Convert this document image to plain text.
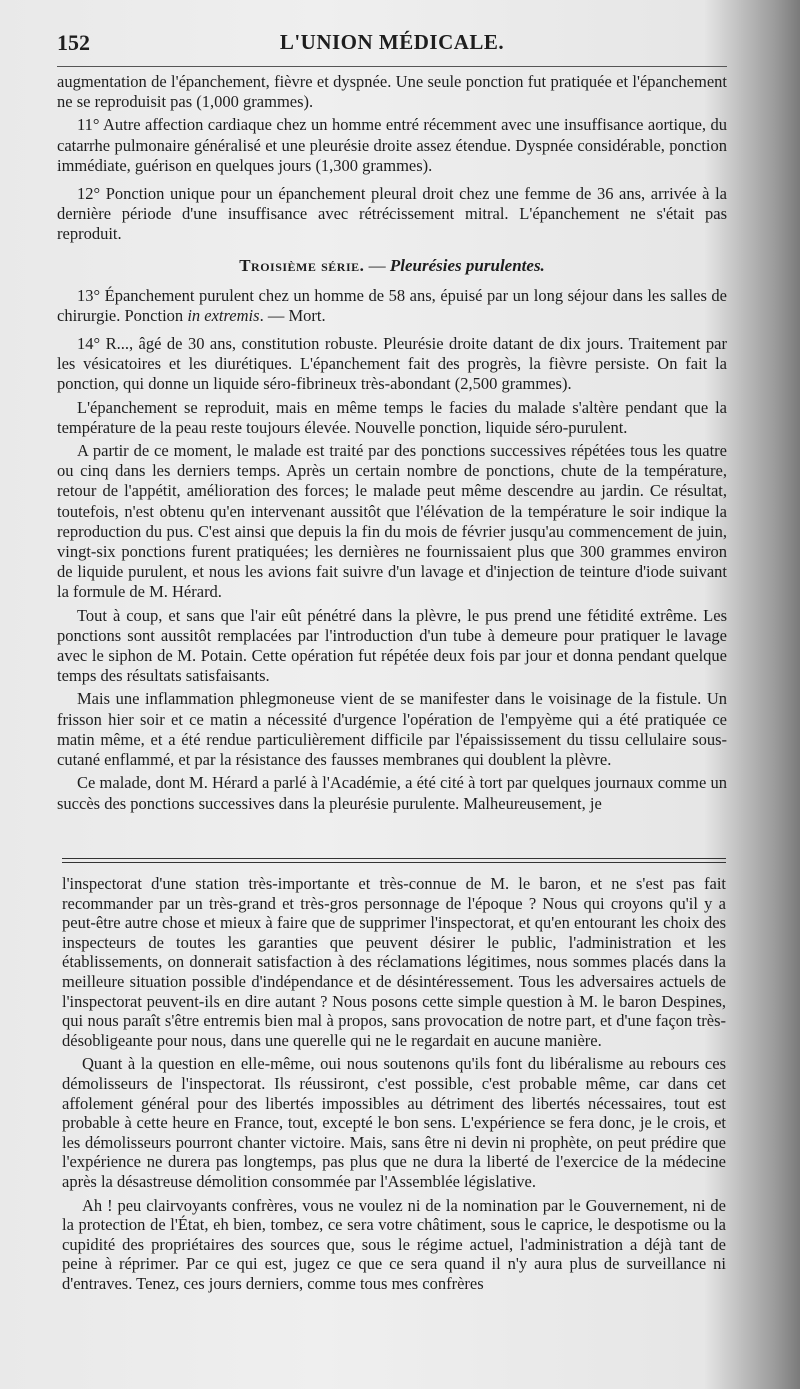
152	L'UNION MÉDICALE.

augmentation de l'épanchement, fièvre et dyspnée. Une seule ponction fut pratiquée et l'épanchement ne se reproduisit pas (1,000 grammes).

11° Autre affection cardiaque chez un homme entré récemment avec une insuffisance aortique, du catarrhe pulmonaire généralisé et une pleurésie droite assez étendue. Dyspnée considérable, ponction immédiate, guérison en quelques jours (1,300 grammes).

12° Ponction unique pour un épanchement pleural droit chez une femme de 36 ans, arrivée à la dernière période d'une insuffisance avec rétrécissement mitral. L'épanchement ne s'était pas reproduit.

Troisième série. — Pleurésies purulentes.

13° Épanchement purulent chez un homme de 58 ans, épuisé par un long séjour dans les salles de chirurgie. Ponction in extremis. — Mort.

14° R..., âgé de 30 ans, constitution robuste. Pleurésie droite datant de dix jours. Traitement par les vésicatoires et les diurétiques. L'épanchement fait des progrès, la fièvre persiste. On fait la ponction, qui donne un liquide séro-fibrineux très-abondant (2,500 grammes).

L'épanchement se reproduit, mais en même temps le facies du malade s'altère pendant que la température de la peau reste toujours élevée. Nouvelle ponction, liquide séro-purulent.

A partir de ce moment, le malade est traité par des ponctions successives répétées tous les quatre ou cinq dans les derniers temps. Après un certain nombre de ponctions, chute de la température, retour de l'appétit, amélioration des forces; le malade peut même descendre au jardin. Ce résultat, toutefois, n'est obtenu qu'en intervenant aussitôt que l'élévation de la température le soir indique la reproduction du pus. C'est ainsi que depuis la fin du mois de février jusqu'au commencement de juin, vingt-six ponctions furent pratiquées; les dernières ne fournissaient plus que 300 grammes environ de liquide purulent, et nous les avions fait suivre d'un lavage et d'injection de teinture d'iode suivant la formule de M. Hérard.

Tout à coup, et sans que l'air eût pénétré dans la plèvre, le pus prend une fétidité extrême. Les ponctions sont aussitôt remplacées par l'introduction d'un tube à demeure pour pratiquer le lavage avec le siphon de M. Potain. Cette opération fut répétée deux fois par jour et donna pendant quelque temps des résultats satisfaisants.

Mais une inflammation phlegmoneuse vient de se manifester dans le voisinage de la fistule. Un frisson hier soir et ce matin a nécessité d'urgence l'opération de l'empyème qui a été pratiquée ce matin même, et a été rendue particulièrement difficile par l'épaississement du tissu cellulaire sous-cutané enflammé, et par la résistance des fausses membranes qui doublent la plèvre.

Ce malade, dont M. Hérard a parlé à l'Académie, a été cité à tort par quelques journaux comme un succès des ponctions successives dans la pleurésie purulente. Malheureusement, je

l'inspectorat d'une station très-importante et très-connue de M. le baron, et ne s'est pas fait recommander par un très-grand et très-gros personnage de l'époque ? Nous qui croyons qu'il y a peut-être autre chose et mieux à faire que de supprimer l'inspectorat, et qu'en entourant les choix des inspecteurs de toutes les garanties que peuvent désirer le public, l'administration et les établissements, on donnerait satisfaction à des réclamations légitimes, nous sommes placés dans la meilleure situation possible d'indépendance et de désintéressement. Tous les adversaires actuels de l'inspectorat peuvent-ils en dire autant ? Nous posons cette simple question à M. le baron Despines, qui nous paraît s'être entremis bien mal à propos, sans provocation de notre part, et d'une façon très-désobligeante pour nous, dans une querelle qui ne le regardait en aucune manière.

Quant à la question en elle-même, oui nous soutenons qu'ils font du libéralisme au rebours ces démolisseurs de l'inspectorat. Ils réussiront, c'est possible, c'est probable même, car dans cet affolement général pour des libertés impossibles au détriment des libertés nécessaires, tout est probable à cette heure en France, tout, excepté le bon sens. L'expérience se fera donc, je le crois, et les démolisseurs pourront chanter victoire. Mais, sans être ni devin ni prophète, on peut prédire que l'expérience ne durera pas longtemps, pas plus que ne dura la liberté de l'exercice de la médecine après la désastreuse démolition consommée par l'Assemblée législative.

Ah ! peu clairvoyants confrères, vous ne voulez ni de la nomination par le Gouvernement, ni de la protection de l'État, eh bien, tombez, ce sera votre châtiment, sous le caprice, le despotisme ou la cupidité des propriétaires des sources que, sous le régime actuel, l'administration a déjà tant de peine à réprimer. Par ce qui est, jugez ce que ce sera quand il n'y aura plus de surveillance ni d'entraves. Tenez, ces jours derniers, comme tous mes confrères
